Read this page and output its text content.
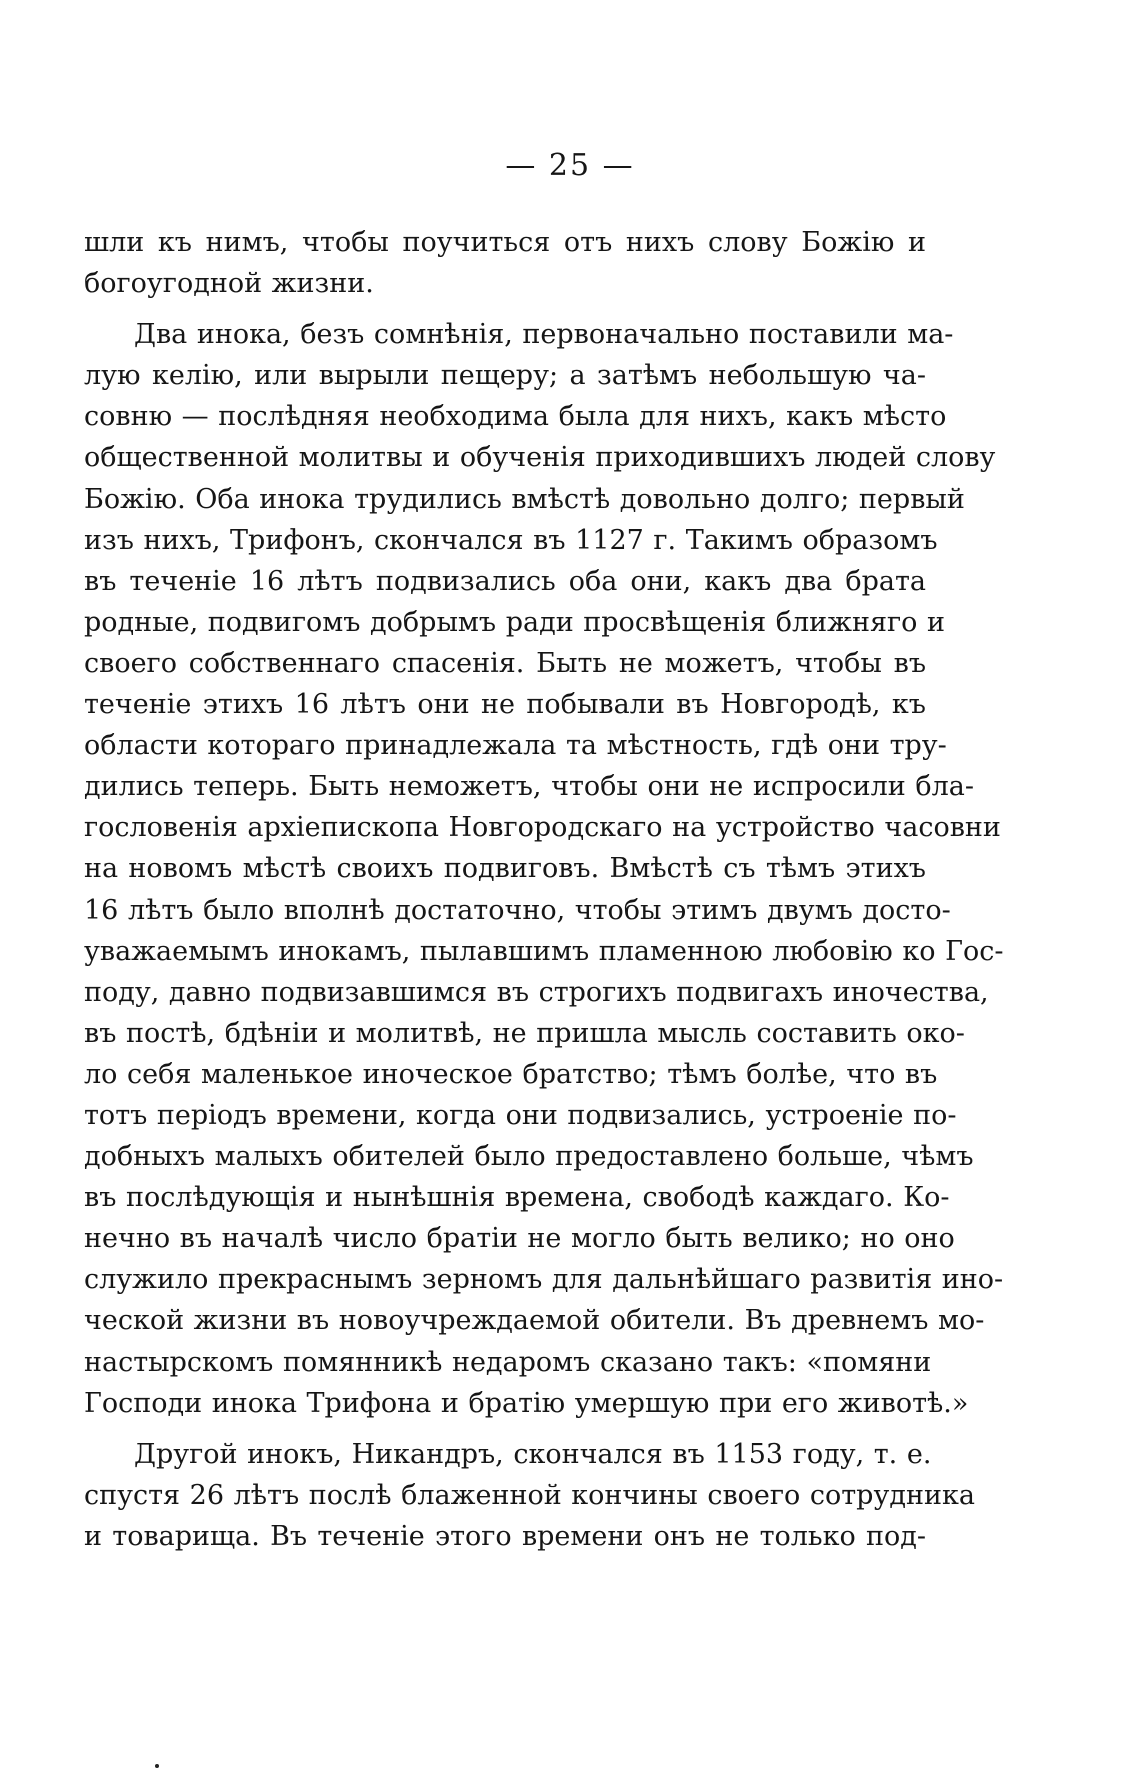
— 25 —
шли къ нимъ, чтобы поучиться отъ нихъ слову Божiю и
богоугодной жизни.
Два инока, безъ сомнѣнiя, первоначально поставили ма-
лую келiю, или вырыли пещеру; а затѣмъ небольшую ча-
совню — послѣдняя необходима была для нихъ, какъ мѣсто
общественной молитвы и обученiя приходившихъ людей слову
Божiю. Оба инока трудились вмѣстѣ довольно долго; первый
изъ нихъ, Трифонъ, скончался въ 1127 г. Такимъ образомъ
въ теченiе 16 лѣтъ подвизались оба они, какъ два брата
родные, подвигомъ добрымъ ради просвѣщенiя ближняго и
своего собственнаго спасенiя. Быть не можетъ, чтобы въ
теченiе этихъ 16 лѣтъ они не побывали въ Новгородѣ, къ
области котораго принадлежала та мѣстность, гдѣ они тру-
дились теперь. Быть неможетъ, чтобы они не испросили бла-
гословенiя архiепископа Новгородскаго на устройство часовни
на новомъ мѣстѣ своихъ подвиговъ. Вмѣстѣ съ тѣмъ этихъ
16 лѣтъ было вполнѣ достаточно, чтобы этимъ двумъ досто-
уважаемымъ инокамъ, пылавшимъ пламенною любовiю ко Гос-
поду, давно подвизавшимся въ строгихъ подвигахъ иночества,
въ постѣ, бдѣнiи и молитвѣ, не пришла мысль составить око-
ло себя маленькое иноческое братство; тѣмъ болѣе, что въ
тотъ перiодъ времени, когда они подвизались, устроенiе по-
добныхъ малыхъ обителей было предоставлено больше, чѣмъ
въ послѣдующiя и нынѣшнiя времена, свободѣ каждаго. Ко-
нечно въ началѣ число братiи не могло быть велико; но оно
служило прекраснымъ зерномъ для дальнѣйшаго развитiя ино-
ческой жизни въ новоучреждаемой обители. Въ древнемъ мо-
настырскомъ помянникѣ недаромъ сказано такъ: «помяни
Господи инока Трифона и братiю умершую при его животѣ.»
Другой инокъ, Никандръ, скончался въ 1153 году, т. е.
спустя 26 лѣтъ послѣ блаженной кончины своего сотрудника
и товарища. Въ теченiе этого времени онъ не только под-
